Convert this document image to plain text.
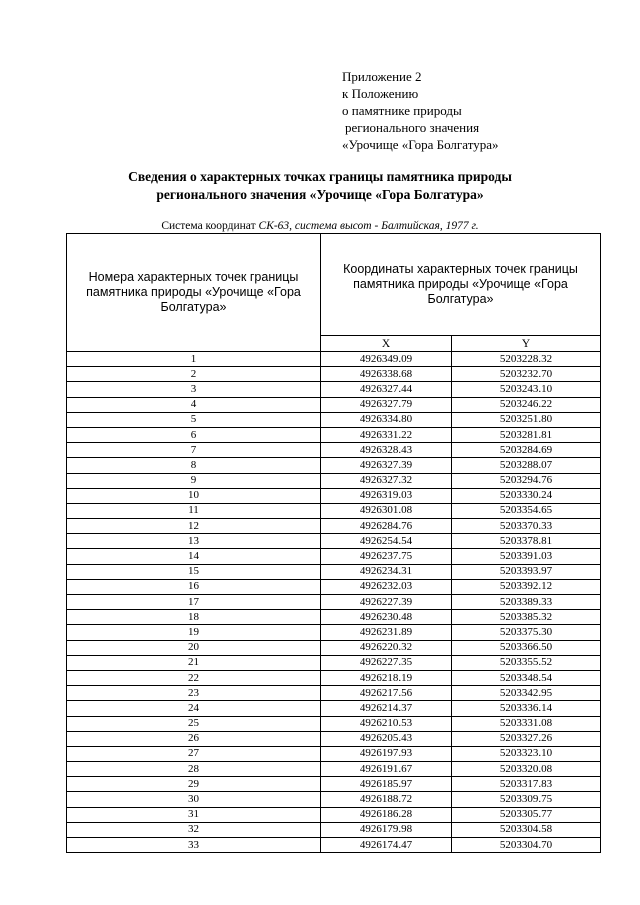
Приложение 2
к Положению
о памятнике природы
регионального значения
«Урочище «Гора Болгатура»
Сведения о характерных точках границы памятника природы
регионального значения «Урочище «Гора Болгатура»
Система координат СК-63, система высот - Балтийская, 1977 г.
Номера характерных точек границы памятника природы «Урочище «Гора Болгатура»	Координаты характерных точек границы памятника природы «Урочище «Гора Болгатура»	
	X	Y
1	4926349.09	5203228.32
2	4926338.68	5203232.70
3	4926327.44	5203243.10
4	4926327.79	5203246.22
5	4926334.80	5203251.80
6	4926331.22	5203281.81
7	4926328.43	5203284.69
8	4926327.39	5203288.07
9	4926327.32	5203294.76
10	4926319.03	5203330.24
11	4926301.08	5203354.65
12	4926284.76	5203370.33
13	4926254.54	5203378.81
14	4926237.75	5203391.03
15	4926234.31	5203393.97
16	4926232.03	5203392.12
17	4926227.39	5203389.33
18	4926230.48	5203385.32
19	4926231.89	5203375.30
20	4926220.32	5203366.50
21	4926227.35	5203355.52
22	4926218.19	5203348.54
23	4926217.56	5203342.95
24	4926214.37	5203336.14
25	4926210.53	5203331.08
26	4926205.43	5203327.26
27	4926197.93	5203323.10
28	4926191.67	5203320.08
29	4926185.97	5203317.83
30	4926188.72	5203309.75
31	4926186.28	5203305.77
32	4926179.98	5203304.58
33	4926174.47	5203304.70
